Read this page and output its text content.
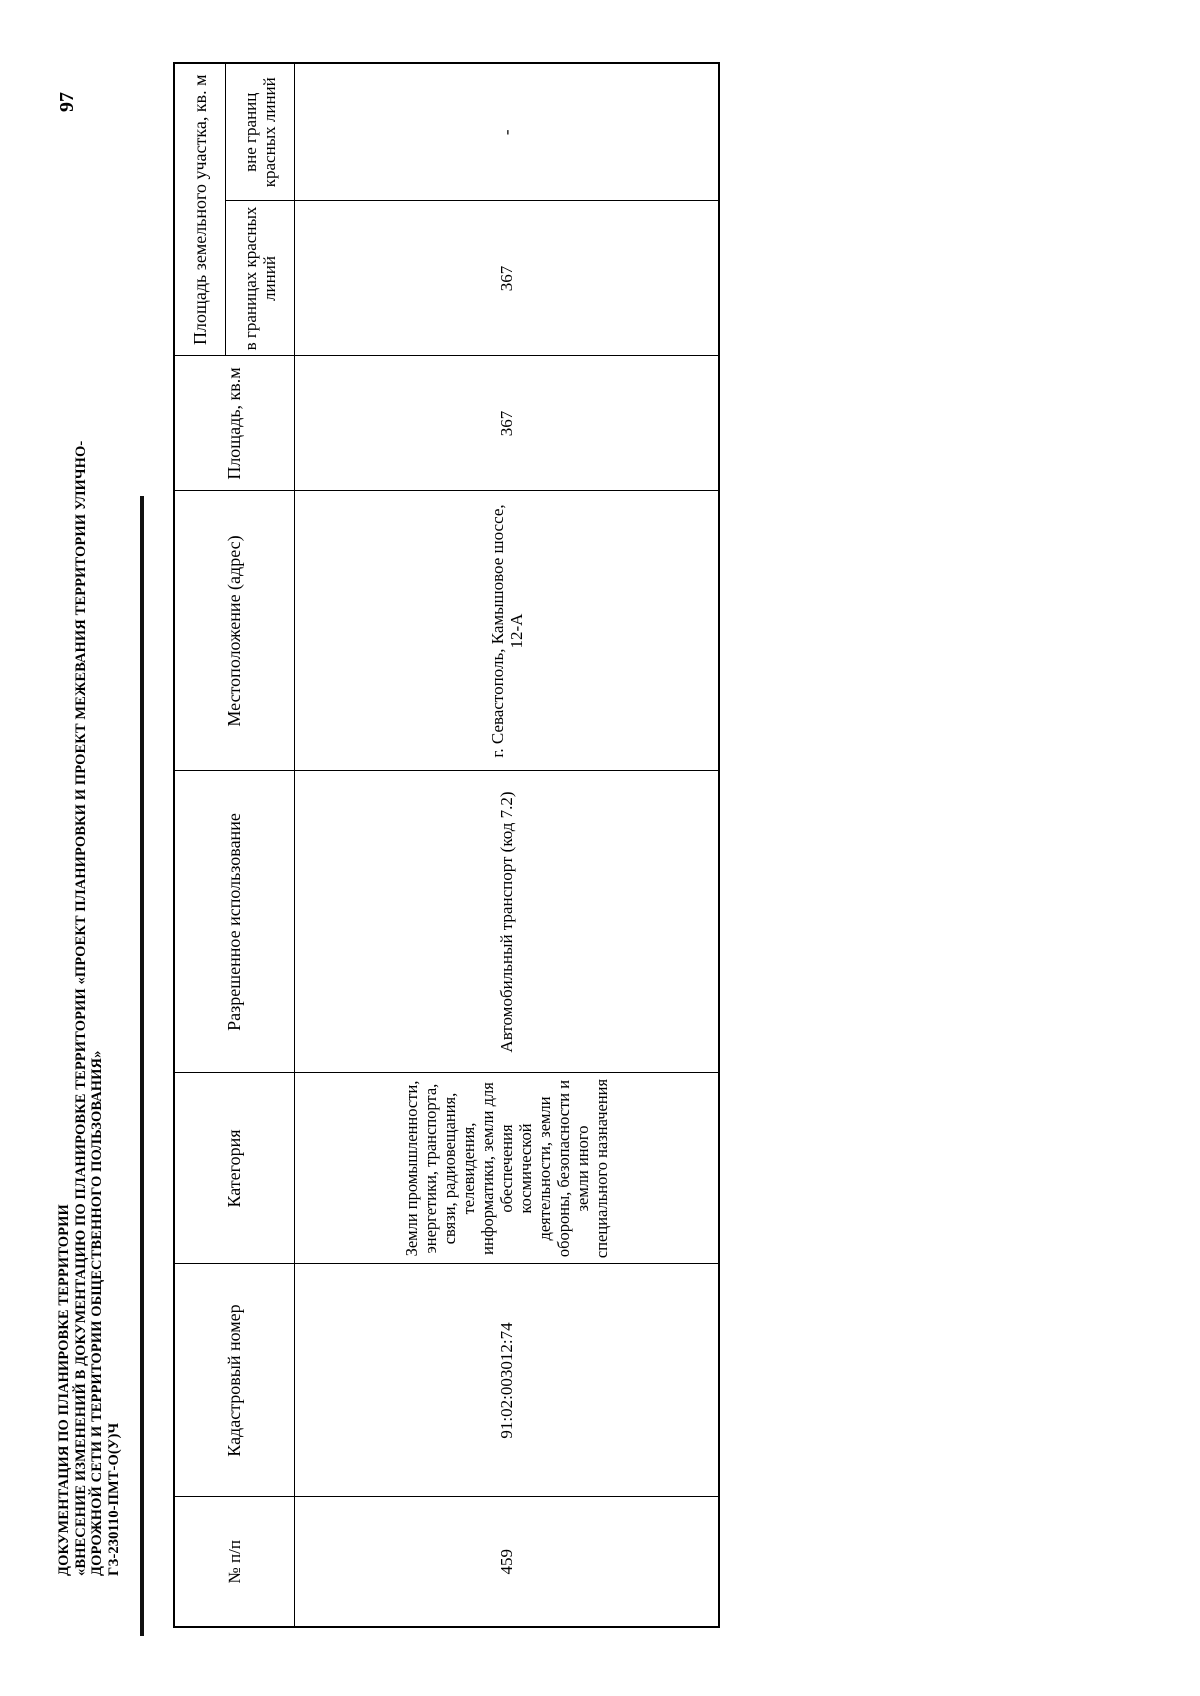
ДОКУМЕНТАЦИЯ ПО ПЛАНИРОВКЕ ТЕРРИТОРИИ «ВНЕСЕНИЕ ИЗМЕНЕНИЙ В ДОКУМЕНТАЦИЮ ПО ПЛАНИРОВКЕ ТЕРРИТОРИИ «ПРОЕКТ ПЛАНИРОВКИ И ПРОЕКТ МЕЖЕВАНИЯ ТЕРРИТОРИИ УЛИЧНО- ДОРОЖНОЙ СЕТИ И ТЕРРИТОРИИ ОБЩЕСТВЕННОГО ПОЛЬЗОВАНИЯ» ГЗ-230110-ПМТ-О(У)Ч
97
№ п/п	Кадастровый номер	Категория	Разрешенное использование	Местоположение (адрес)	Площадь, кв.м	Площадь земельного участка, кв. м	
						в границах красных линий	вне границ красных линий
459	91:02:003012:74	Земли промышленности, энергетики, транспорта, связи, радиовещания, телевидения, информатики, земли для обеспечения космической деятельности, земли обороны, безопасности и земли иного специального назначения	Автомобильный транспорт (код 7.2)	г. Севастополь, Камышовое шоссе, 12-А	367	367	-
